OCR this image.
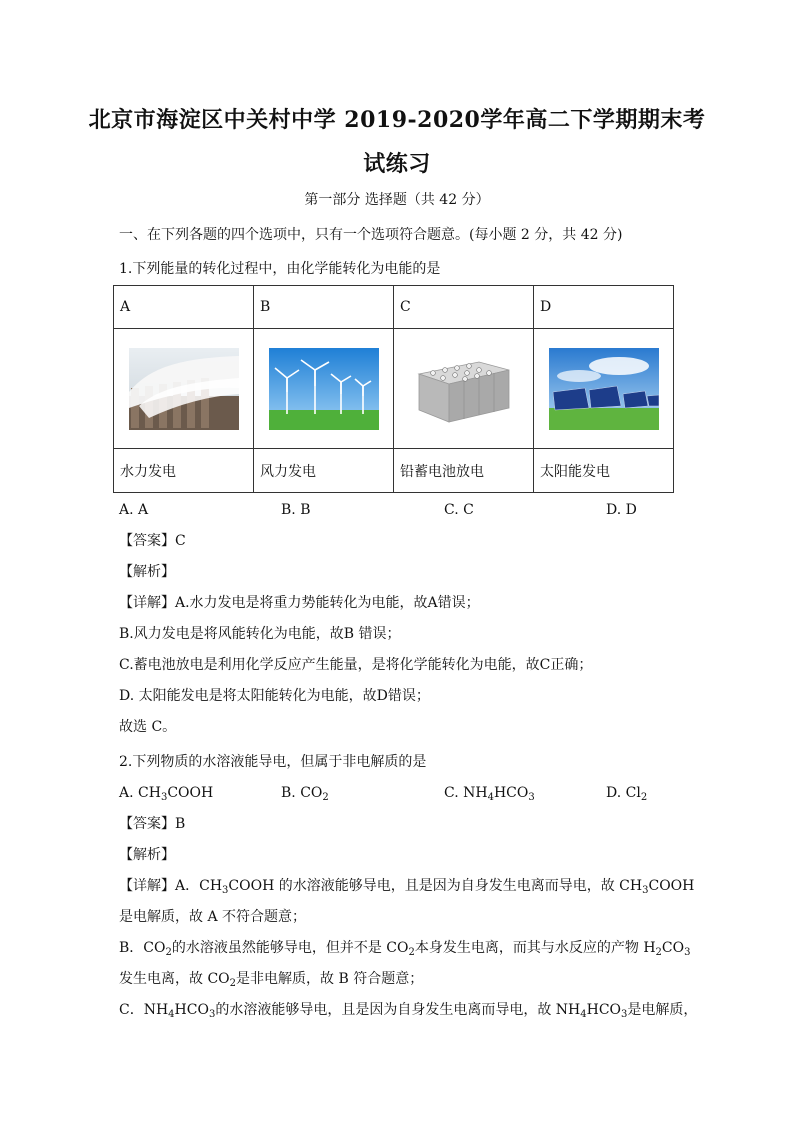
北京市海淀区中关村中学 2019-2020学年高二下学期期末考
试练习
第一部分 选择题（共 42 分）
一、在下列各题的四个选项中，只有一个选项符合题意。(每小题 2 分，共 42 分)
1.下列能量的转化过程中，由化学能转化为电能的是
A	B	C	D

水力发电	风力发电	铅蓄电池放电	太阳能发电
A. A	B. B	C. C	D. D
【答案】C
【解析】
【详解】A.水力发电是将重力势能转化为电能，故A错误；
B.风力发电是将风能转化为电能，故B 错误；
C.蓄电池放电是利用化学反应产生能量，是将化学能转化为电能，故C正确；
D. 太阳能发电是将太阳能转化为电能，故D错误；
故选 C。
2.下列物质的水溶液能导电，但属于非电解质的是
A. $CH_3COOH$	B. $CO_2$	C. $NH_4HCO_3$	D. $Cl_2$
【答案】B
【解析】
【详解】A．$CH_3COOH$ 的水溶液能够导电，且是因为自身发生电离而导电，故 $CH_3COOH$
是电解质，故 A 不符合题意；
B．$CO_2$的水溶液虽然能够导电，但并不是 $CO_2$本身发生电离，而其与水反应的产物 $H_2CO_3$
发生电离，故 $CO_2$是非电解质，故 B 符合题意；
C．$NH_4HCO_3$的水溶液能够导电，且是因为自身发生电离而导电，故 $NH_4HCO_3$是电解质，
